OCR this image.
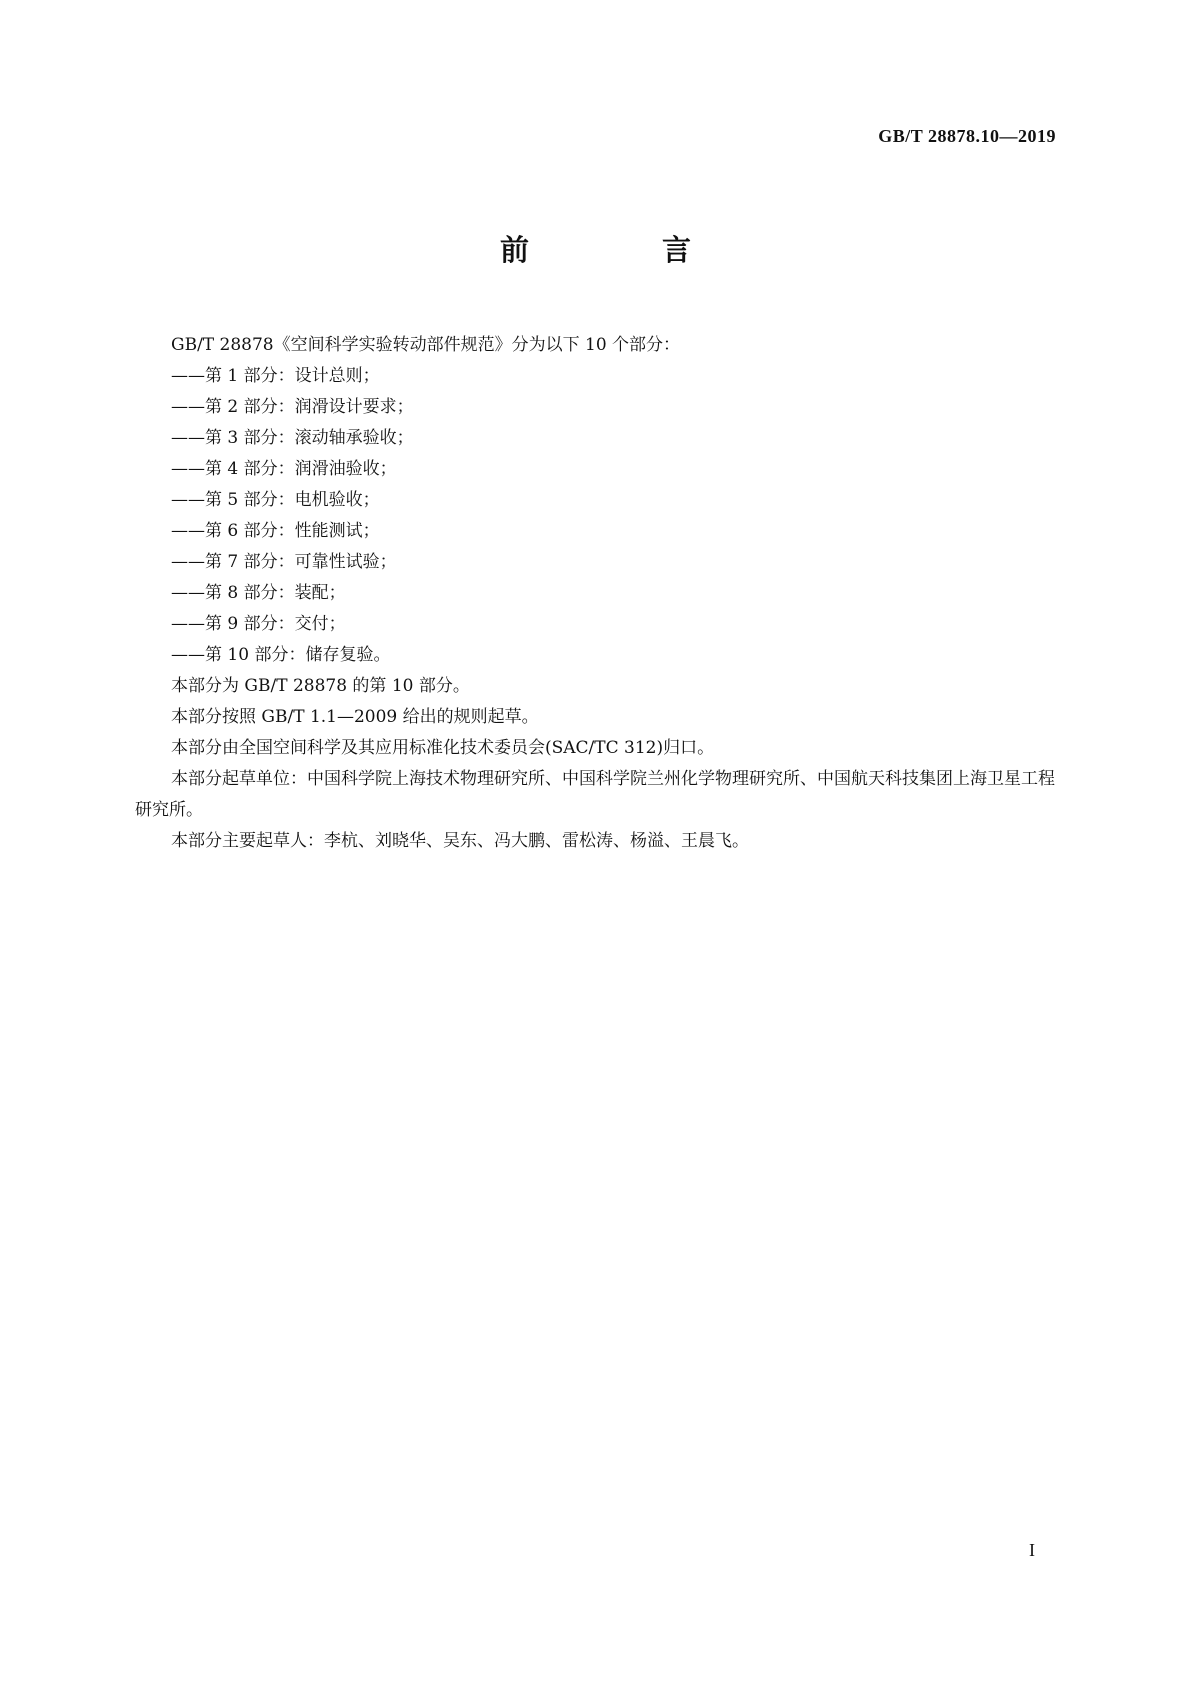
GB/T 28878.10—2019
前　言

GB/T 28878《空间科学实验转动部件规范》分为以下 10 个部分：

——第 1 部分：设计总则；
——第 2 部分：润滑设计要求；
——第 3 部分：滚动轴承验收；
——第 4 部分：润滑油验收；
——第 5 部分：电机验收；
——第 6 部分：性能测试；
——第 7 部分：可靠性试验；
——第 8 部分：装配；
——第 9 部分：交付；
——第 10 部分：储存复验。

本部分为 GB/T 28878 的第 10 部分。

本部分按照 GB/T 1.1—2009 给出的规则起草。

本部分由全国空间科学及其应用标准化技术委员会(SAC/TC 312)归口。

本部分起草单位：中国科学院上海技术物理研究所、中国科学院兰州化学物理研究所、中国航天科技集团上海卫星工程研究所。

本部分主要起草人：李杭、刘晓华、吴东、冯大鹏、雷松涛、杨溢、王晨飞。

I
